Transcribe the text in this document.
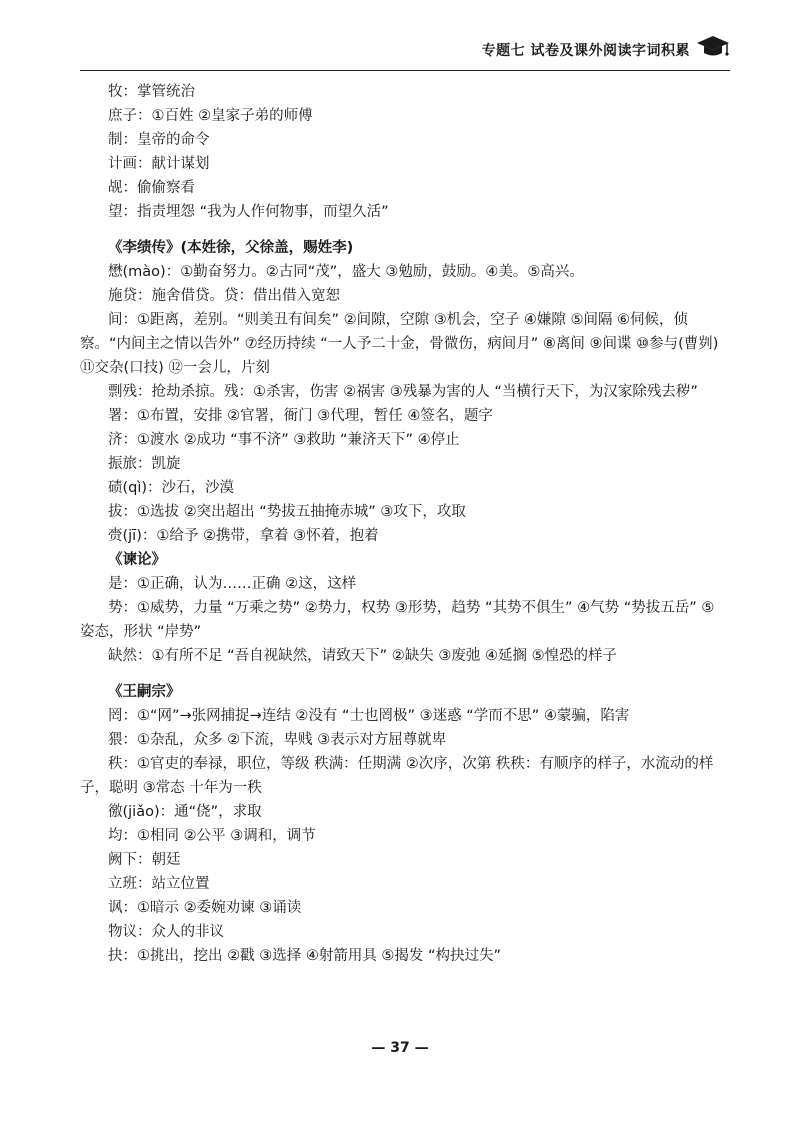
专题七 试卷及课外阅读字词积累
牧：掌管统治
庶子：①百姓 ②皇家子弟的师傅
制：皇帝的命令
计画：献计谋划
觇：偷偷察看
望：指责埋怨 “我为人作何物事，而望久活”
《李绩传》(本姓徐，父徐盖，赐姓李)
懋(mào)：①勤奋努力。②古同“茂”，盛大 ③勉励，鼓励。④美。⑤高兴。
施贷：施舍借贷。贷：借出借入宽恕
间：①距离，差别。“则美丑有间矣” ②间隙，空隙 ③机会，空子 ④嫌隙 ⑤间隔 ⑥伺候，侦察。“内间主之情以告外” ⑦经历持续 “一人予二十金，骨微伤，病间月” ⑧离间 ⑨间谍 ⑩参与(曹刿) ⑪交杂(口技) ⑫一会儿，片刻
剽残：抢劫杀掠。残：①杀害，伤害 ②祸害 ③残暴为害的人 “当横行天下，为汉家除残去秽”
署：①布置，安排 ②官署，衙门 ③代理，暂任 ④签名，题字
济：①渡水 ②成功 “事不济” ③救助 “兼济天下” ④停止
振旅：凯旋
碛(qì)：沙石，沙漠
拔：①选拔 ②突出超出 “势拔五抽掩赤城” ③攻下，攻取
赍(jī)：①给予 ②携带，拿着 ③怀着，抱着
《谏论》
是：①正确，认为……正确 ②这，这样
势：①威势，力量 “万乘之势” ②势力，权势 ③形势，趋势 “其势不俱生” ④气势 “势拔五岳” ⑤姿态，形状 “岸势”
缺然：①有所不足 “吾自视缺然，请致天下” ②缺失 ③废弛 ④延搁 ⑤惶恐的样子
《王嗣宗》
罔：①“网”→张网捕捉→连结 ②没有 “士也罔极” ③迷惑 “学而不思” ④蒙骗，陷害
猥：①杂乱，众多 ②下流，卑贱 ③表示对方屈尊就卑
秩：①官吏的奉禄，职位，等级 秩满：任期满 ②次序，次第 秩秩：有顺序的样子，水流动的样子，聪明 ③常态 十年为一秩
徼(jiǎo)：通“侥”，求取
均：①相同 ②公平 ③调和，调节
阙下：朝廷
立班：站立位置
讽：①暗示 ②委婉劝谏 ③诵读
物议：众人的非议
抉：①挑出，挖出 ②戳 ③选择 ④射箭用具 ⑤揭发 “构抉过失”
— 37 —
